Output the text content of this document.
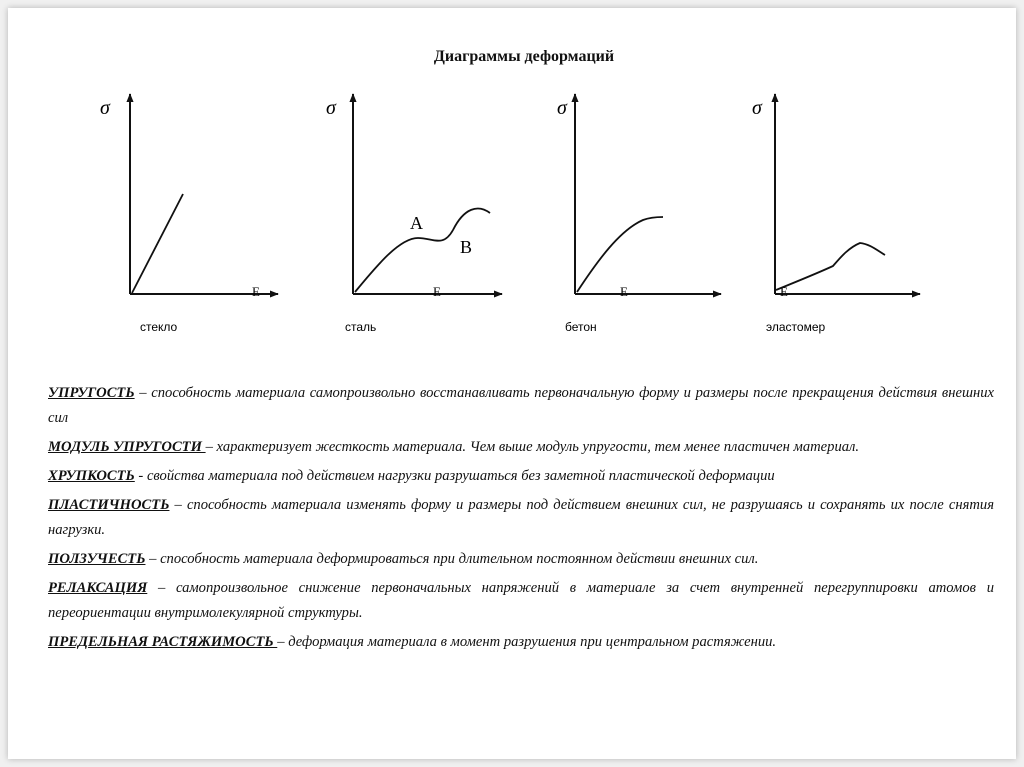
Диаграммы деформаций
σ
Е
стекло
σ
Е
A
B
сталь
σ
Е
бетон
σ
Е
эластомер

УПРУГОСТЬ – способность материала самопроизвольно восстанавливать первоначальную форму и размеры после прекращения действия внешних сил

МОДУЛЬ УПРУГОСТИ – характеризует жесткость материала. Чем выше модуль упругости, тем менее пластичен материал.

ХРУПКОСТЬ - свойства материала под действием нагрузки разрушаться без заметной пластической деформации

ПЛАСТИЧНОСТЬ – способность материала изменять форму и размеры под действием внешних сил, не разрушаясь и сохранять их после снятия нагрузки.

ПОЛЗУЧЕСТЬ – способность материала деформироваться при длительном постоянном действии внешних сил.

РЕЛАКСАЦИЯ – самопроизвольное снижение первоначальных напряжений в материале за счет внутренней перегруппировки атомов и переориентации внутримолекулярной структуры.

ПРЕДЕЛЬНАЯ РАСТЯЖИМОСТЬ – деформация материала в момент разрушения при центральном растяжении.
